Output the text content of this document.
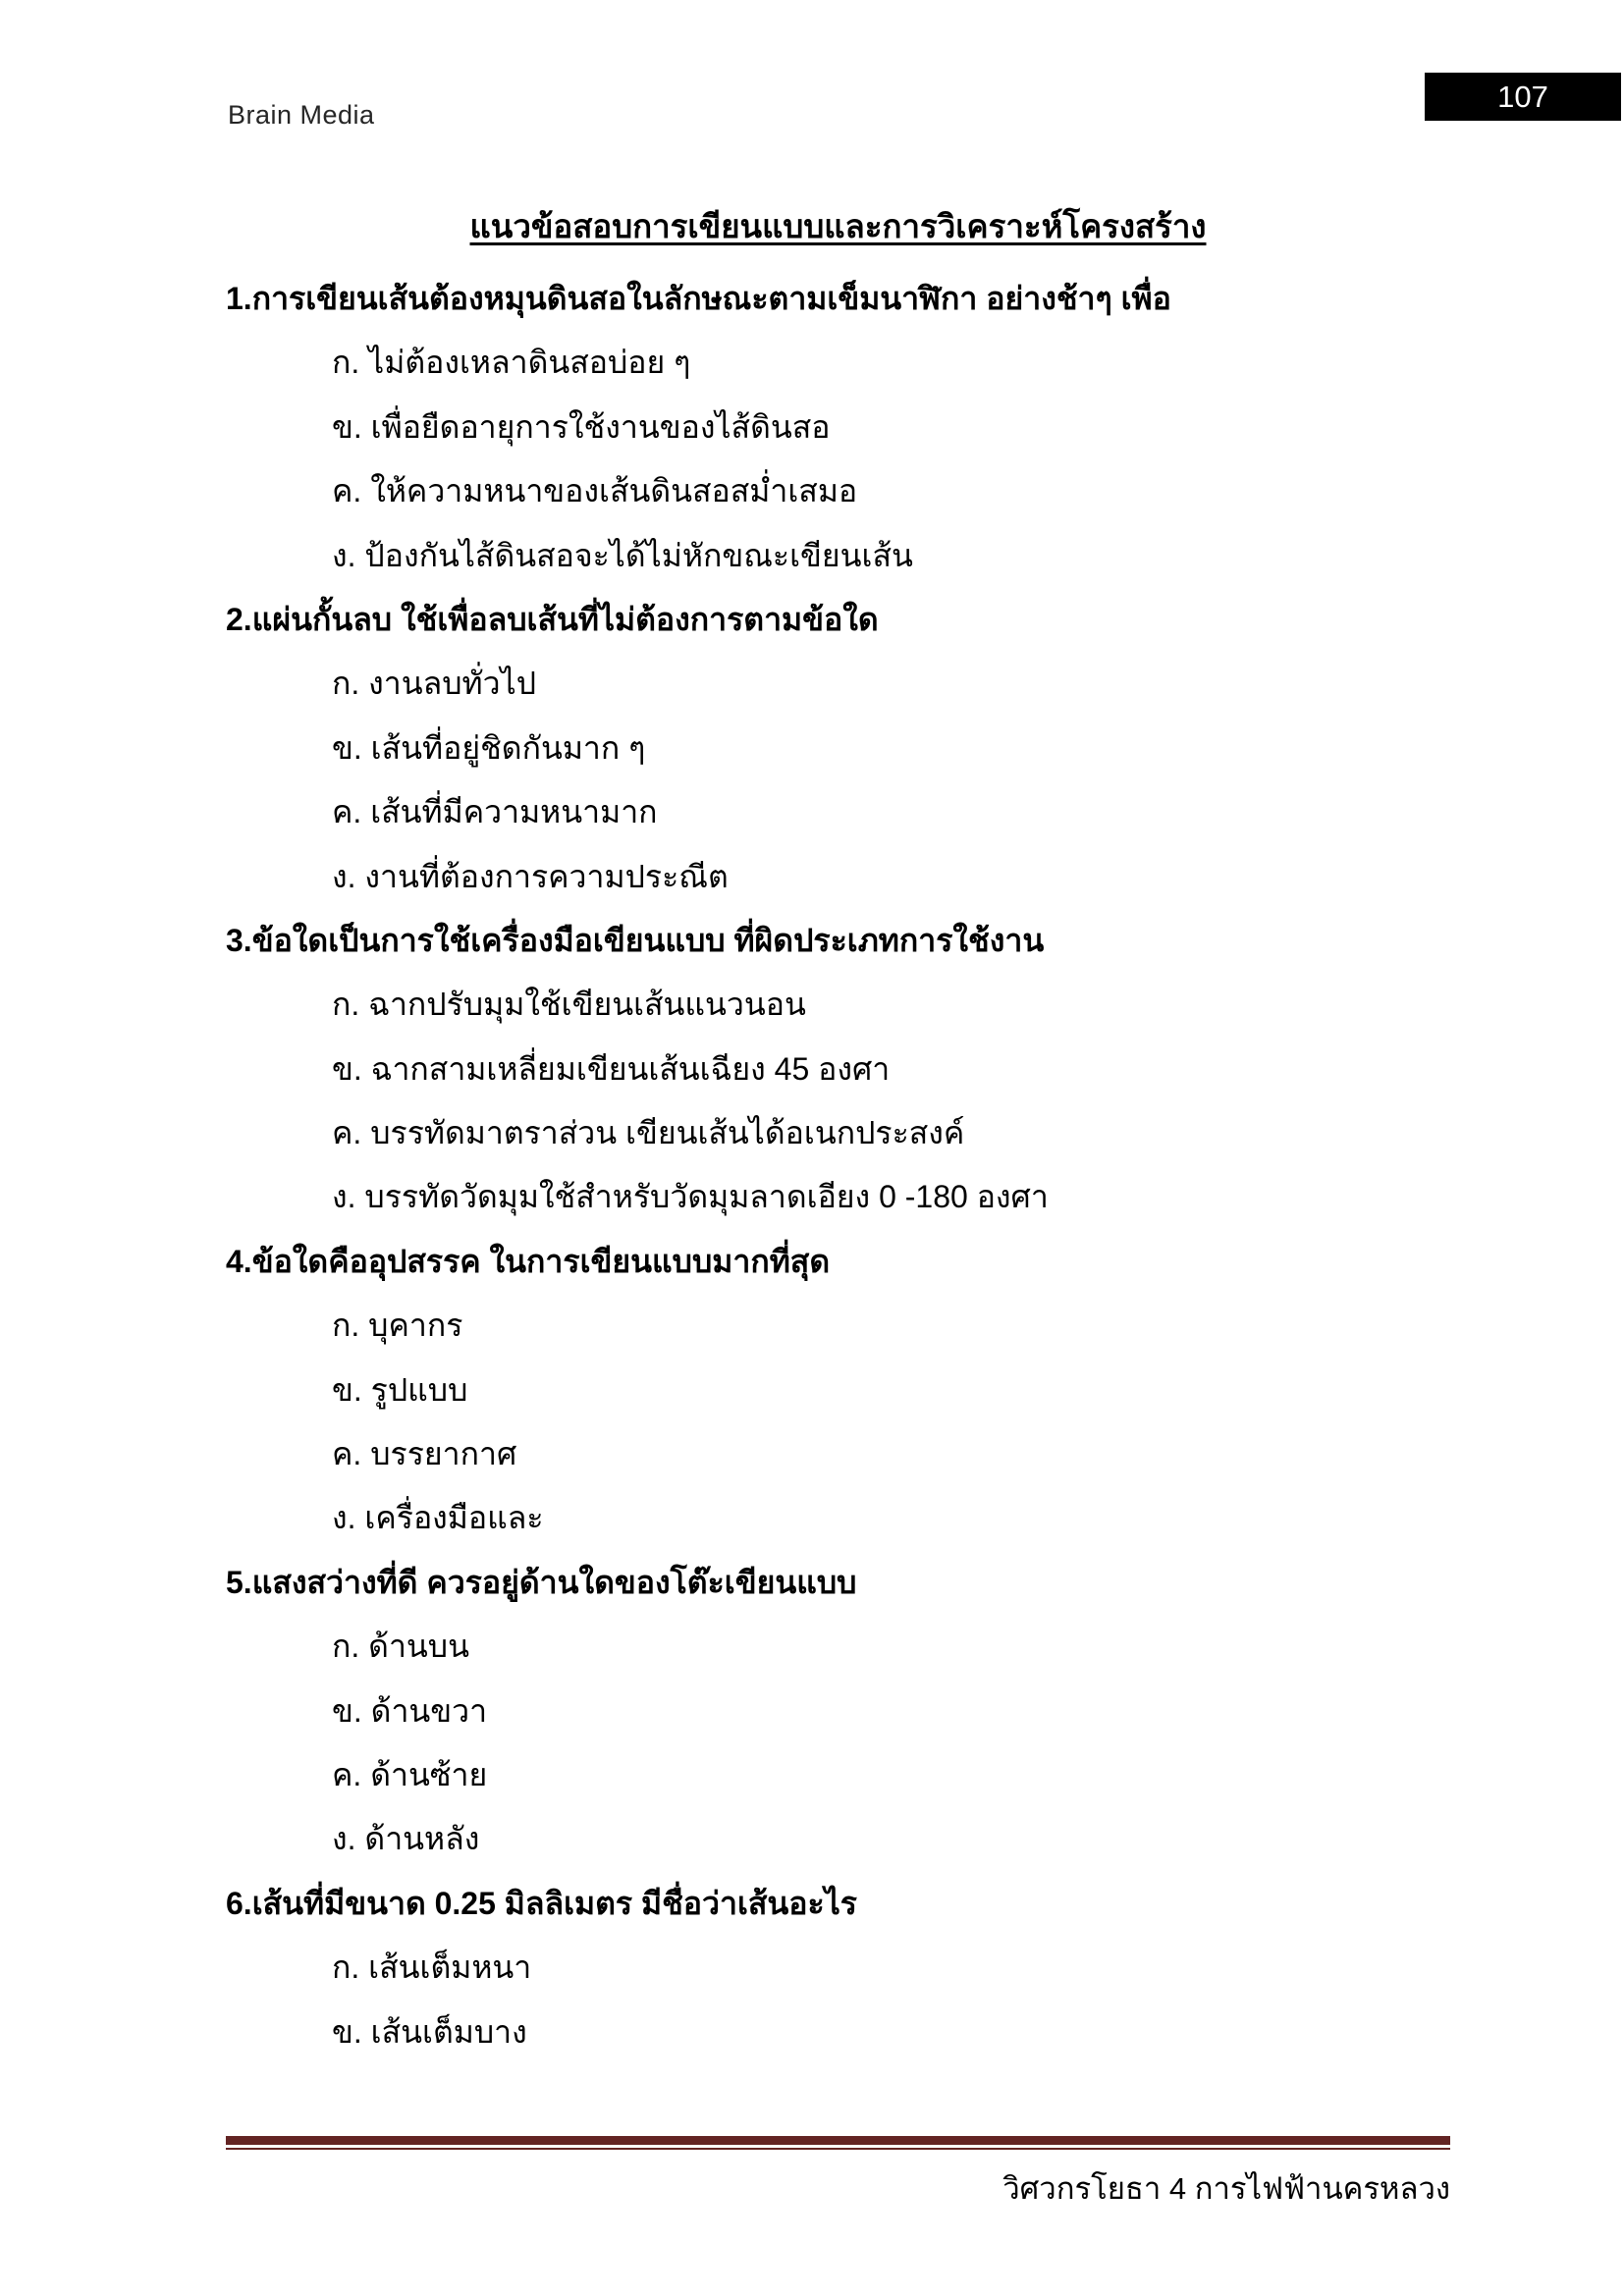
Brain Media
107
แนวข้อสอบการเขียนแบบและการวิเคราะห์โครงสร้าง

1.การเขียนเส้นต้องหมุนดินสอในลักษณะตามเข็มนาฬิกา อย่างช้าๆ เพื่อ

ก. ไม่ต้องเหลาดินสอบ่อย ๆ

ข. เพื่อยืดอายุการใช้งานของไส้ดินสอ

ค. ให้ความหนาของเส้นดินสอสม่ำเสมอ

ง. ป้องกันไส้ดินสอจะได้ไม่หักขณะเขียนเส้น

2.แผ่นกั้นลบ ใช้เพื่อลบเส้นที่ไม่ต้องการตามข้อใด

ก. งานลบทั่วไป

ข. เส้นที่อยู่ชิดกันมาก ๆ

ค. เส้นที่มีความหนามาก

ง. งานที่ต้องการความประณีต

3.ข้อใดเป็นการใช้เครื่องมือเขียนแบบ ที่ผิดประเภทการใช้งาน

ก. ฉากปรับมุมใช้เขียนเส้นแนวนอน

ข. ฉากสามเหลี่ยมเขียนเส้นเฉียง 45 องศา

ค. บรรทัดมาตราส่วน เขียนเส้นได้อเนกประสงค์

ง. บรรทัดวัดมุมใช้สำหรับวัดมุมลาดเอียง 0 -180 องศา

4.ข้อใดคืออุปสรรค ในการเขียนแบบมากที่สุด

ก. บุคากร

ข. รูปแบบ

ค. บรรยากาศ

ง. เครื่องมือและ

5.แสงสว่างที่ดี ควรอยู่ด้านใดของโต๊ะเขียนแบบ

ก. ด้านบน

ข. ด้านขวา

ค. ด้านซ้าย

ง. ด้านหลัง

6.เส้นที่มีขนาด 0.25 มิลลิเมตร มีชื่อว่าเส้นอะไร

ก. เส้นเต็มหนา

ข. เส้นเต็มบาง

วิศวกรโยธา 4 การไฟฟ้านครหลวง
